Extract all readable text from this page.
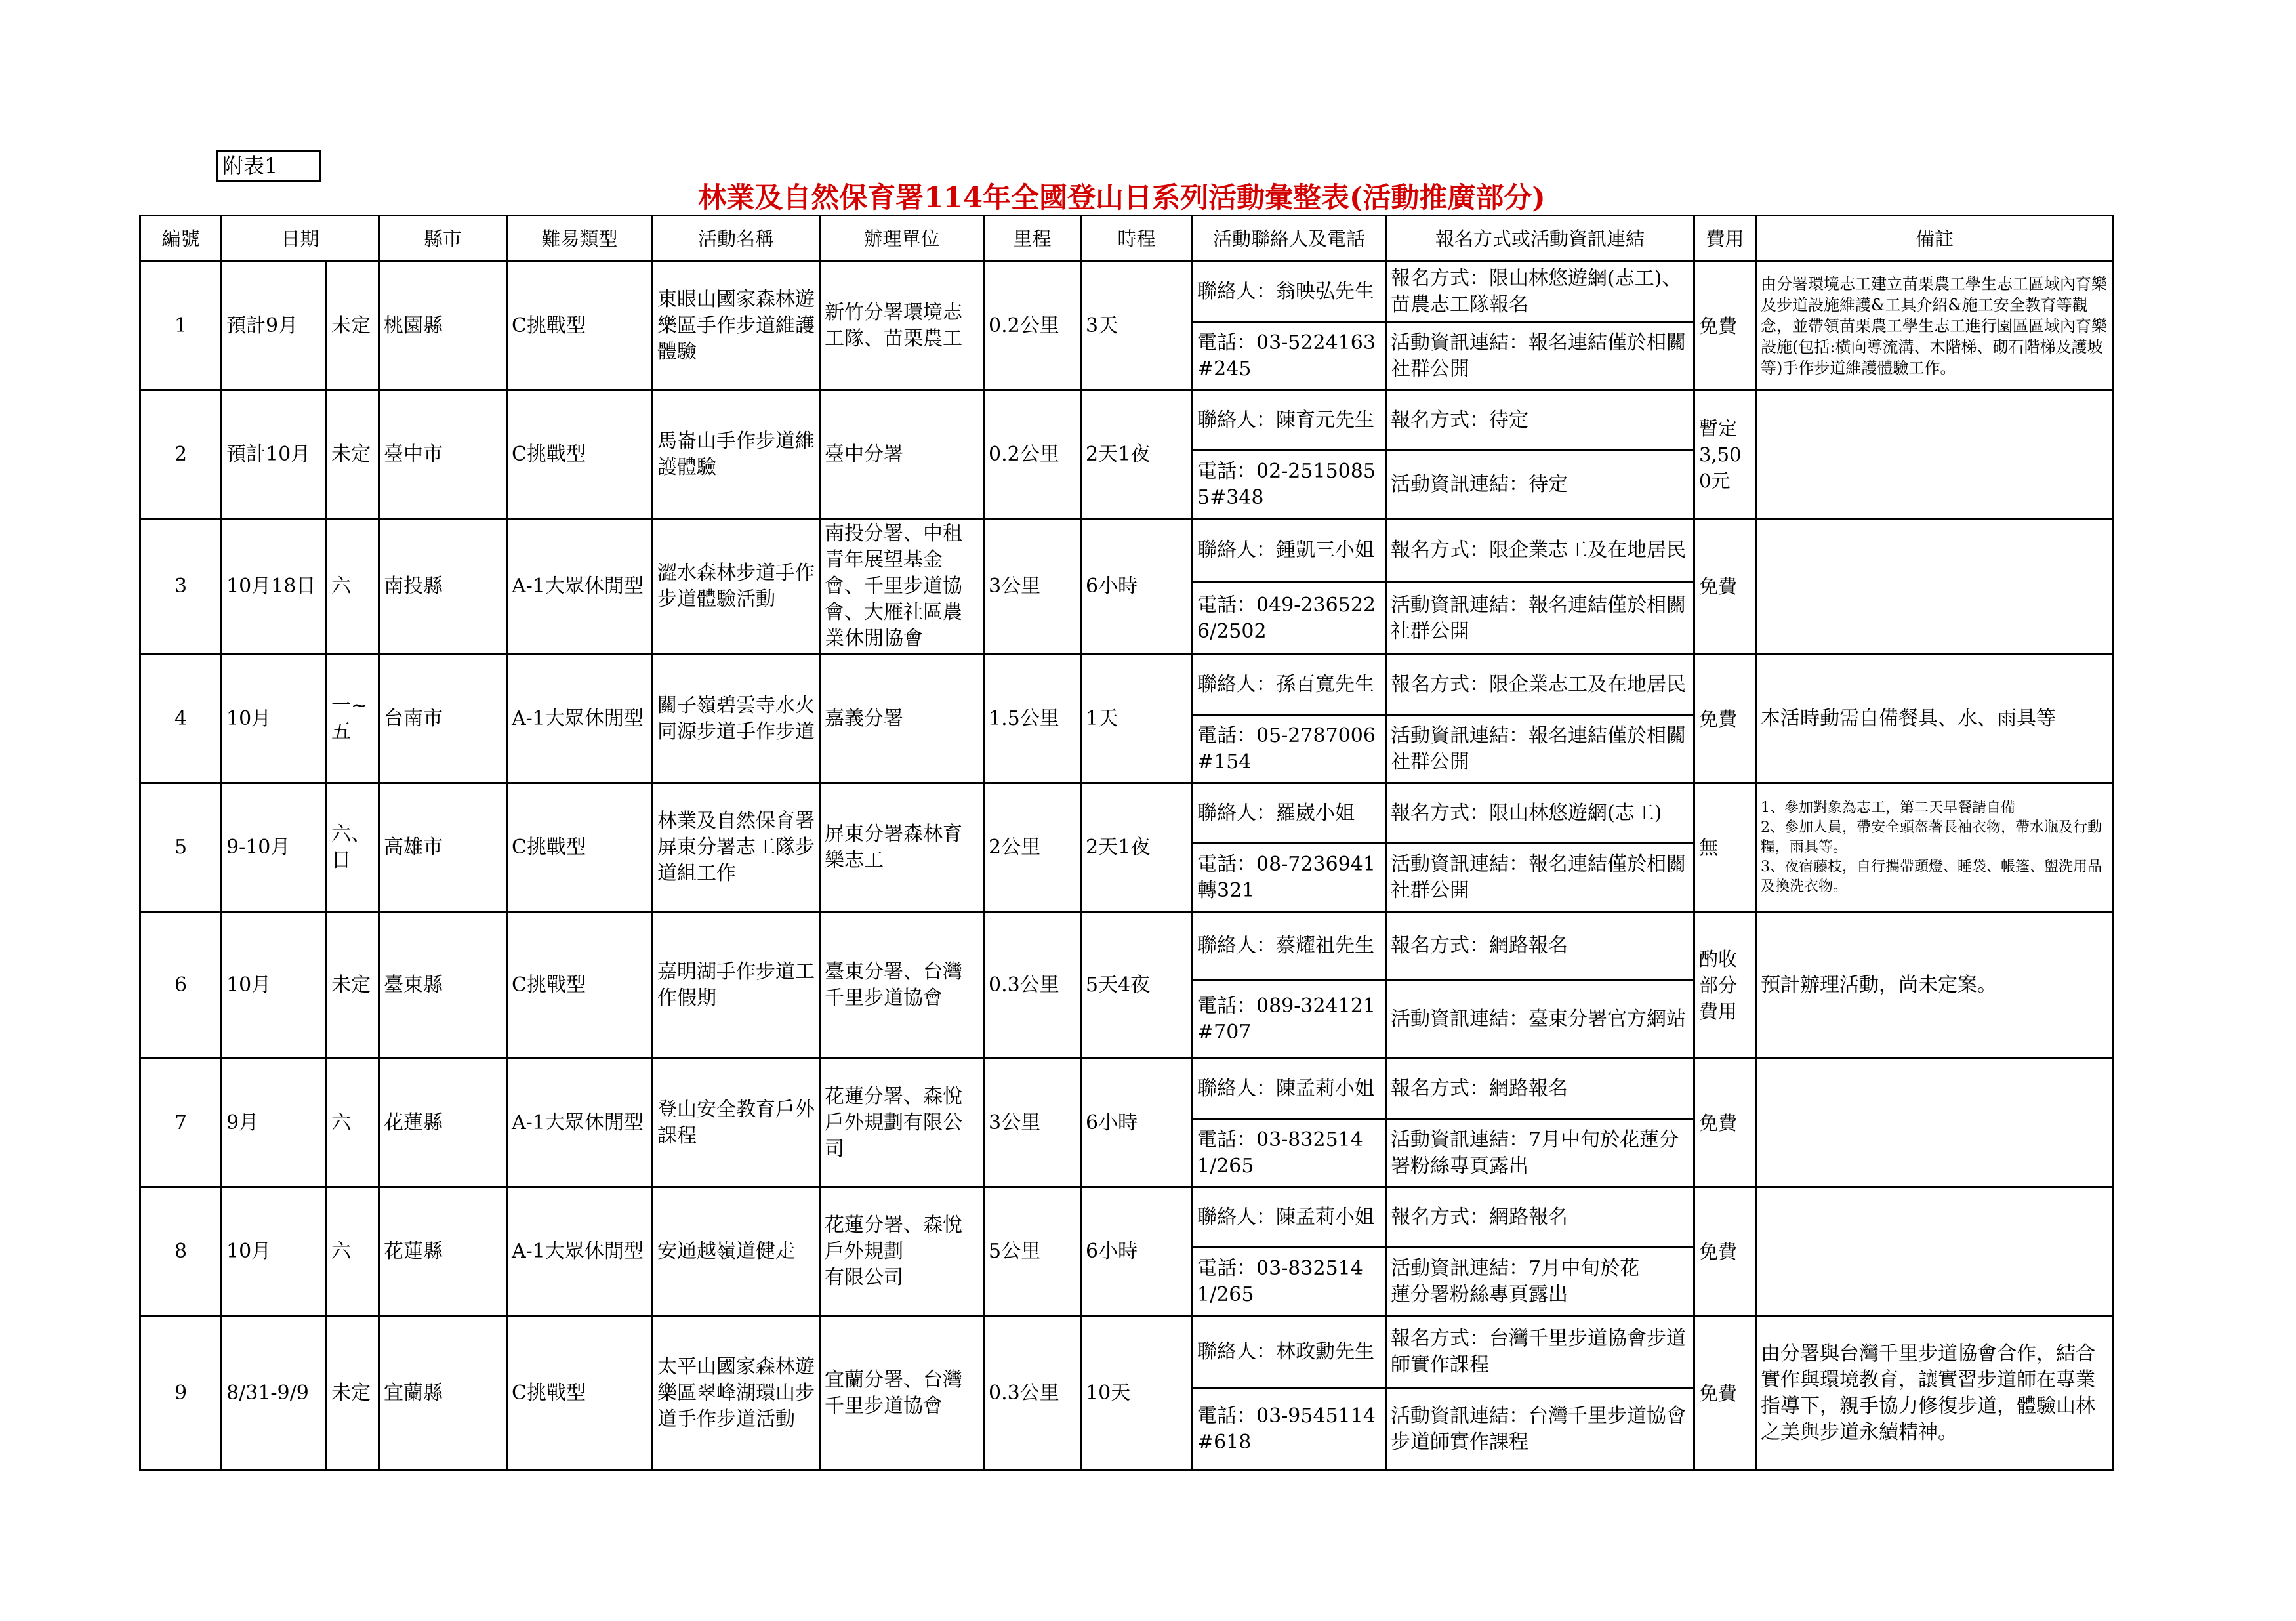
附表1
林業及自然保育署114年全國登山日系列活動彙整表(活動推廣部分)
編號	日期		縣市	難易類型	活動名稱	辦理單位	里程	時程	活動聯絡人及電話	報名方式或活動資訊連結	費用	備註
1	預計9月	未定	桃園縣	C挑戰型	東眼山國家森林遊樂區手作步道維護體驗	新竹分署環境志工隊、苗栗農工	0.2公里	3天	聯絡人：翁映弘先生	報名方式：限山林悠遊網(志工)、苗農志工隊報名	免費	由分署環境志工建立苗栗農工學生志工區域內育樂及步道設施維護&工具介紹&施工安全教育等觀念，並帶領苗栗農工學生志工進行園區區域內育樂設施(包括:橫向導流溝、木階梯、砌石階梯及護坡等)手作步道維護體驗工作。
									電話：03-5224163#245	活動資訊連結：報名連結僅於相關社群公開		
2	預計10月	未定	臺中市	C挑戰型	馬崙山手作步道維護體驗	臺中分署	0.2公里	2天1夜	聯絡人：陳育元先生	報名方式：待定	暫定3,500元	
									電話：02-25150855#348	活動資訊連結：待定		
3	10月18日	六	南投縣	A-1大眾休閒型	澀水森林步道手作步道體驗活動	南投分署、中租青年展望基金會、千里步道協會、大雁社區農業休閒協會	3公里	6小時	聯絡人：鍾凱三小姐	報名方式：限企業志工及在地居民	免費	
									電話：049-2365226/2502	活動資訊連結：報名連結僅於相關社群公開		
4	10月	一~五	台南市	A-1大眾休閒型	關子嶺碧雲寺水火同源步道手作步道	嘉義分署	1.5公里	1天	聯絡人：孫百寬先生	報名方式：限企業志工及在地居民	免費	本活時動需自備餐具、水、雨具等
									電話：05-2787006#154	活動資訊連結：報名連結僅於相關社群公開		
5	9-10月	六、日	高雄市	C挑戰型	林業及自然保育署屏東分署志工隊步道組工作	屏東分署森林育樂志工	2公里	2天1夜	聯絡人：羅崴小姐	報名方式：限山林悠遊網(志工)	無	1、參加對象為志工，第二天早餐請自備
2、參加人員，帶安全頭盔著長袖衣物，帶水瓶及行動糧，雨具等。
3、夜宿藤枝，自行攜帶頭燈、睡袋、帳篷、盥洗用品及換洗衣物。
									電話：08-7236941轉321	活動資訊連結：報名連結僅於相關社群公開		
6	10月	未定	臺東縣	C挑戰型	嘉明湖手作步道工作假期	臺東分署、台灣千里步道協會	0.3公里	5天4夜	聯絡人：蔡耀祖先生	報名方式：網路報名	酌收部分費用	預計辦理活動，尚未定案。
									電話：089-324121#707	活動資訊連結：臺東分署官方網站		
7	9月	六	花蓮縣	A-1大眾休閒型	登山安全教育戶外課程	花蓮分署、森悅戶外規劃有限公司	3公里	6小時	聯絡人：陳孟莉小姐	報名方式：網路報名	免費	
									電話：03-8325141/265	活動資訊連結：7月中旬於花蓮分署粉絲專頁露出		
8	10月	六	花蓮縣	A-1大眾休閒型	安通越嶺道健走	花蓮分署、森悅戶外規劃
有限公司	5公里	6小時	聯絡人：陳孟莉小姐	報名方式：網路報名	免費	
									電話：03-8325141/265	活動資訊連結：7月中旬於花
蓮分署粉絲專頁露出		
9	8/31-9/9	未定	宜蘭縣	C挑戰型	太平山國家森林遊樂區翠峰湖環山步道手作步道活動	宜蘭分署、台灣千里步道協會	0.3公里	10天	聯絡人：林政勳先生	報名方式：台灣千里步道協會步道師實作課程	免費	由分署與台灣千里步道協會合作，結合實作與環境教育，讓實習步道師在專業指導下，親手協力修復步道，體驗山林之美與步道永續精神。
									電話：03-9545114#618	活動資訊連結：台灣千里步道協會步道師實作課程		
